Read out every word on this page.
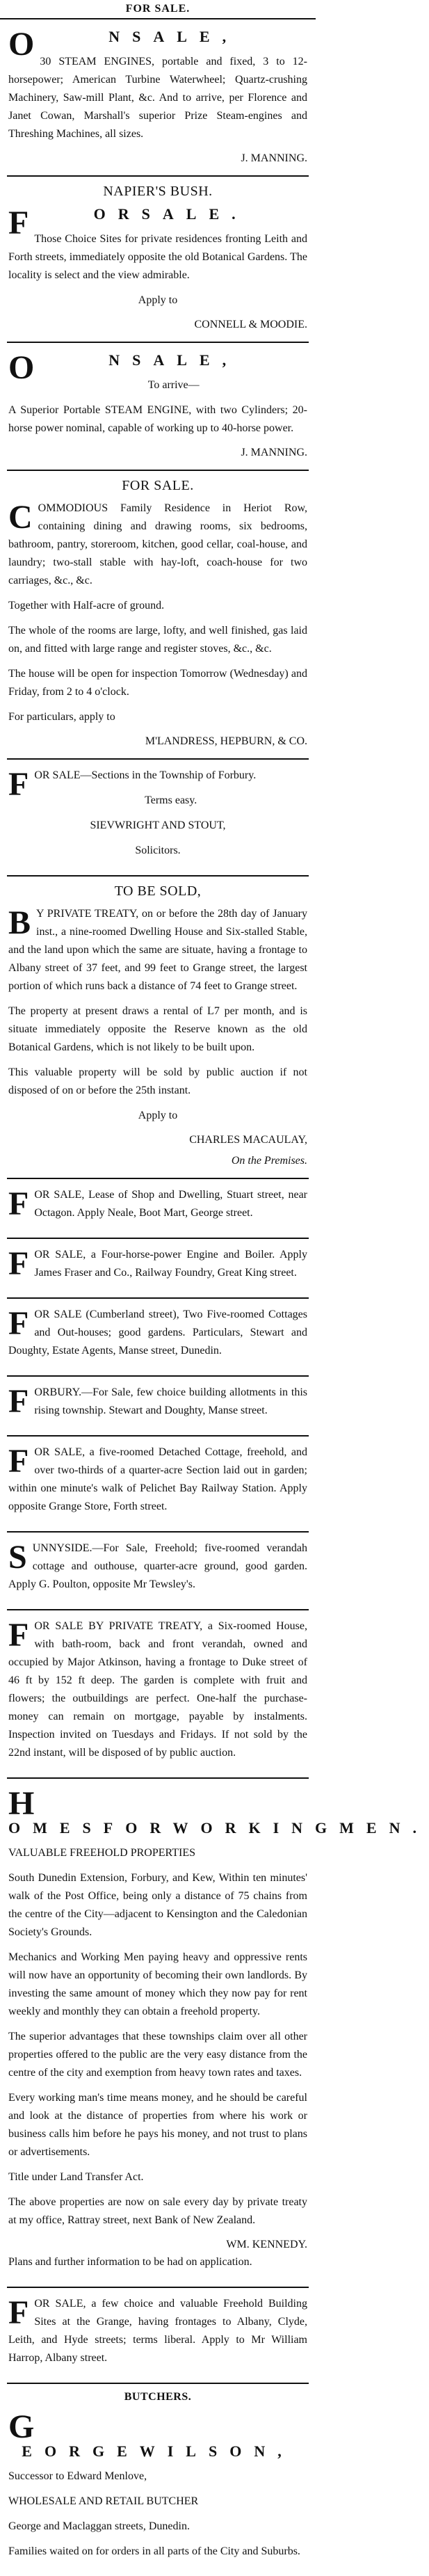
FOR SALE.
O	NSALE,
30 STEAM ENGINES, portable and fixed, 3 to 12-horsepower; American Turbine Waterwheel; Quartz-crushing Machinery, Saw-mill Plant, &c. And to arrive, per Florence and Janet Cowan, Marshall's superior Prize Steam-engines and Threshing Machines, all sizes.
J. MANNING.
NAPIER'S BUSH.
F	ORSALE.
Those Choice Sites for private residences fronting Leith and Forth streets, immediately opposite the old Botanical Gardens. The locality is select and the view admirable.
Apply to
CONNELL & MOODIE.
O	NSALE,
To arrive—
A Superior Portable STEAM ENGINE, with two Cylinders; 20-horse power nominal, capable of working up to 40-horse power.
J. MANNING.
FOR SALE.
C OMMODIOUS Family Residence in Heriot Row, containing dining and drawing rooms, six bedrooms, bathroom, pantry, storeroom, kitchen, good cellar, coal-house, and laundry; two-stall stable with hay-loft, coach-house for two carriages, &c., &c.
Together with Half-acre of ground.
The whole of the rooms are large, lofty, and well finished, gas laid on, and fitted with large range and register stoves, &c., &c.
The house will be open for inspection Tomorrow (Wednesday) and Friday, from 2 to 4 o'clock.
For particulars, apply to
M'LANDRESS, HEPBURN, & CO.
F OR SALE—Sections in the Township of Forbury.
Terms easy.
SIEVWRIGHT AND STOUT,
Solicitors.
TO BE SOLD,
B Y PRIVATE TREATY, on or before the 28th day of January inst., a nine-roomed Dwelling House and Six-stalled Stable, and the land upon which the same are situate, having a frontage to Albany street of 37 feet, and 99 feet to Grange street, the largest portion of which runs back a distance of 74 feet to Grange street.
The property at present draws a rental of L7 per month, and is situate immediately opposite the Reserve known as the old Botanical Gardens, which is not likely to be built upon.
This valuable property will be sold by public auction if not disposed of on or before the 25th instant.
Apply to
CHARLES MACAULAY,
On the Premises.
F OR SALE, Lease of Shop and Dwelling, Stuart street, near Octagon. Apply Neale, Boot Mart, George street.
F OR SALE, a Four-horse-power Engine and Boiler. Apply James Fraser and Co., Railway Foundry, Great King street.
F OR SALE (Cumberland street), Two Five-roomed Cottages and Out-houses; good gardens. Particulars, Stewart and Doughty, Estate Agents, Manse street, Dunedin.
F ORBURY.—For Sale, few choice building allotments in this rising township. Stewart and Doughty, Manse street.
F OR SALE, a five-roomed Detached Cottage, freehold, and over two-thirds of a quarter-acre Section laid out in garden; within one minute's walk of Pelichet Bay Railway Station. Apply opposite Grange Store, Forth street.
S UNNYSIDE.—For Sale, Freehold; five-roomed verandah cottage and outhouse, quarter-acre ground, good garden. Apply G. Poulton, opposite Mr Tewsley's.
F OR SALE BY PRIVATE TREATY, a Six-roomed House, with bath-room, back and front verandah, owned and occupied by Major Atkinson, having a frontage to Duke street of 46 ft by 152 ft deep. The garden is complete with fruit and flowers; the outbuildings are perfect. One-half the purchase-money can remain on mortgage, payable by instalments. Inspection invited on Tuesdays and Fridays. If not sold by the 22nd instant, will be disposed of by public auction.
H
OMESFORWORKINGMEN.
VALUABLE FREEHOLD PROPERTIES
South Dunedin Extension, Forbury, and Kew, Within ten minutes' walk of the Post Office, being only a distance of 75 chains from the centre of the City—adjacent to Kensington and the Caledonian Society's Grounds.
Mechanics and Working Men paying heavy and oppressive rents will now have an opportunity of becoming their own landlords. By investing the same amount of money which they now pay for rent weekly and monthly they can obtain a freehold property.
The superior advantages that these townships claim over all other properties offered to the public are the very easy distance from the centre of the city and exemption from heavy town rates and taxes.
Every working man's time means money, and he should be careful and look at the distance of properties from where his work or business calls him before he pays his money, and not trust to plans or advertisements.
Title under Land Transfer Act.
The above properties are now on sale every day by private treaty at my office, Rattray street, next Bank of New Zealand.
WM. KENNEDY.
Plans and further information to be had on application.
F OR SALE, a few choice and valuable Freehold Building Sites at the Grange, having frontages to Albany, Clyde, Leith, and Hyde streets; terms liberal. Apply to Mr William Harrop, Albany street.
BUTCHERS.
G
EORGEWILSON,
Successor to Edward Menlove,
WHOLESALE AND RETAIL BUTCHER
George and Maclaggan streets, Dunedin.
Families waited on for orders in all parts of the City and Suburbs.
